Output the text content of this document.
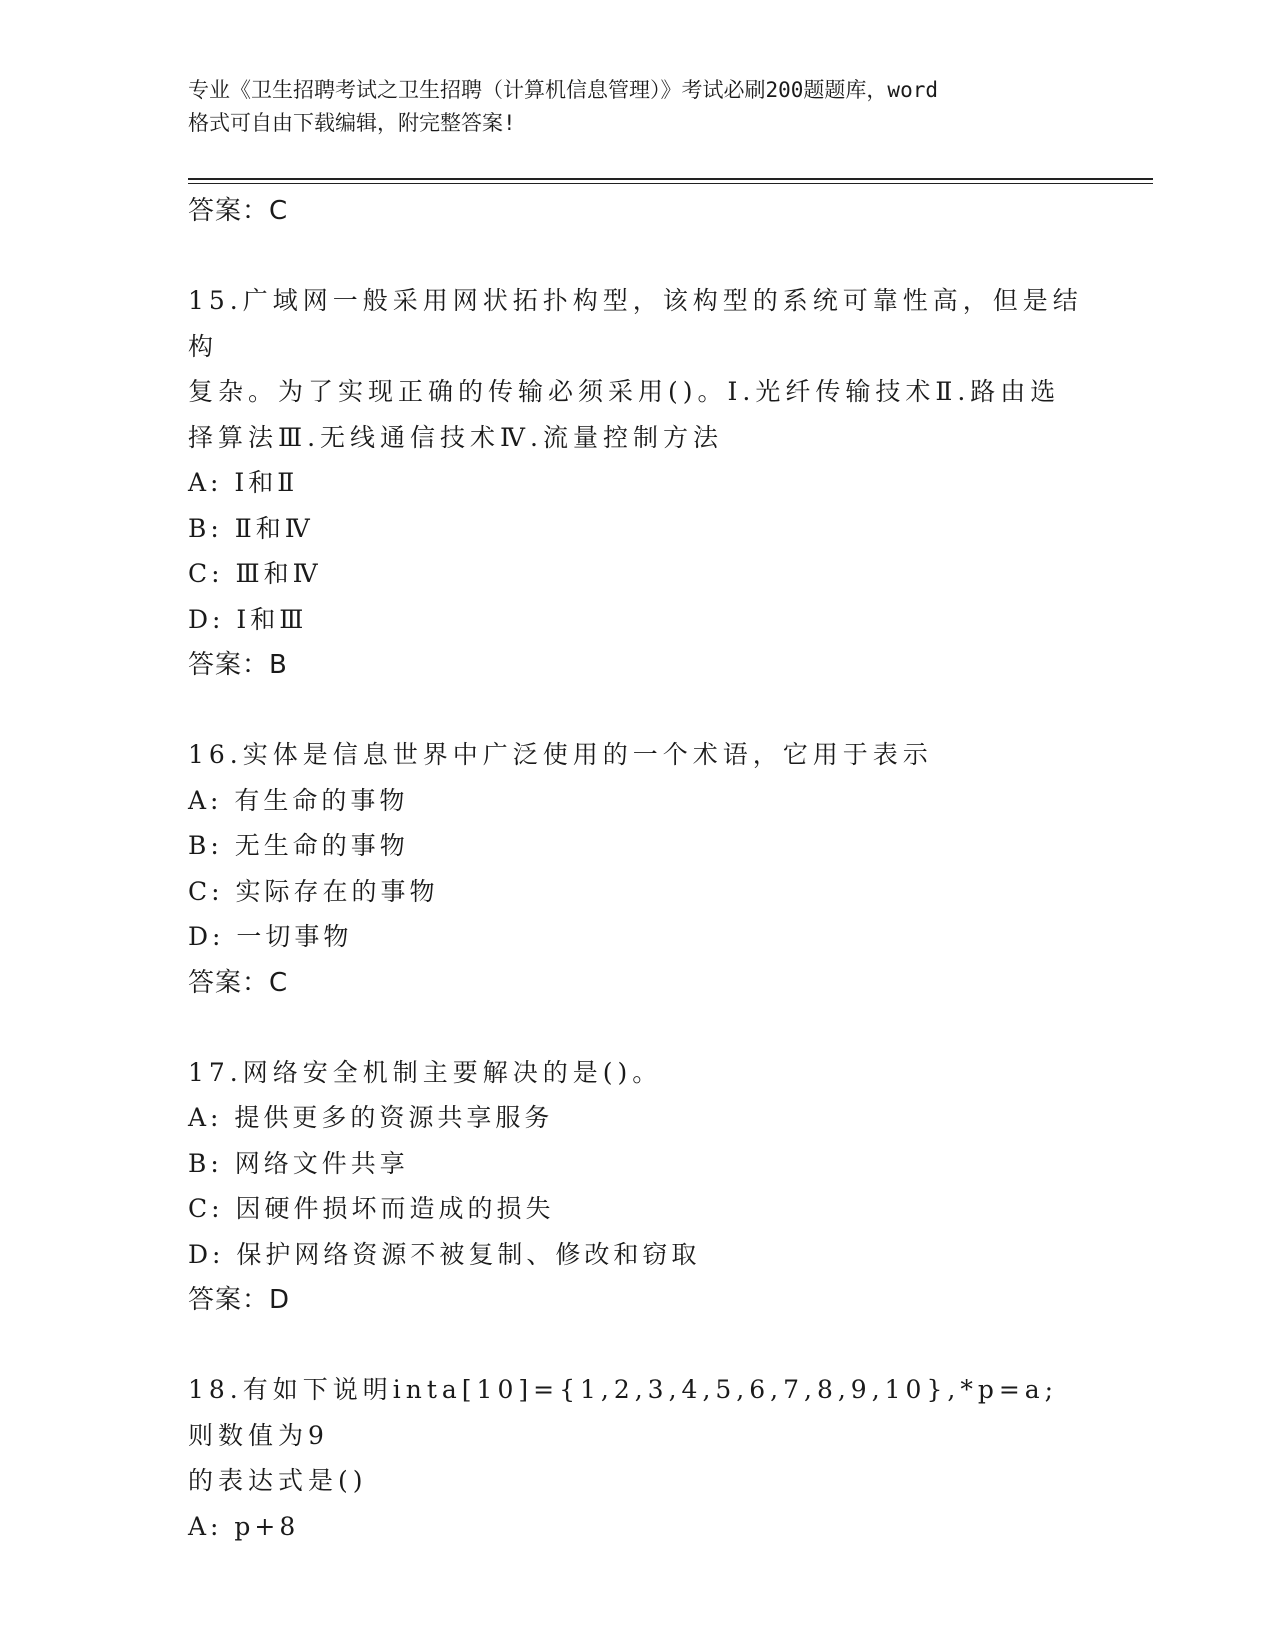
专业《卫生招聘考试之卫生招聘（计算机信息管理）》考试必刷200题题库，word
格式可自由下载编辑，附完整答案!
答案：C
15.广域网一般采用网状拓扑构型，该构型的系统可靠性高，但是结构
复杂。为了实现正确的传输必须采用()。Ⅰ.光纤传输技术Ⅱ.路由选
择算法Ⅲ.无线通信技术Ⅳ.流量控制方法
A: Ⅰ和Ⅱ
B: Ⅱ和Ⅳ
C: Ⅲ和Ⅳ
D: Ⅰ和Ⅲ
答案：B
16.实体是信息世界中广泛使用的一个术语，它用于表示
A: 有生命的事物
B: 无生命的事物
C: 实际存在的事物
D: 一切事物
答案：C
17.网络安全机制主要解决的是()。
A: 提供更多的资源共享服务
B: 网络文件共享
C: 因硬件损坏而造成的损失
D: 保护网络资源不被复制、修改和窃取
答案：D
18.有如下说明inta[10]={1,2,3,4,5,6,7,8,9,10},*p=a;则数值为9
的表达式是()
A: p+8
